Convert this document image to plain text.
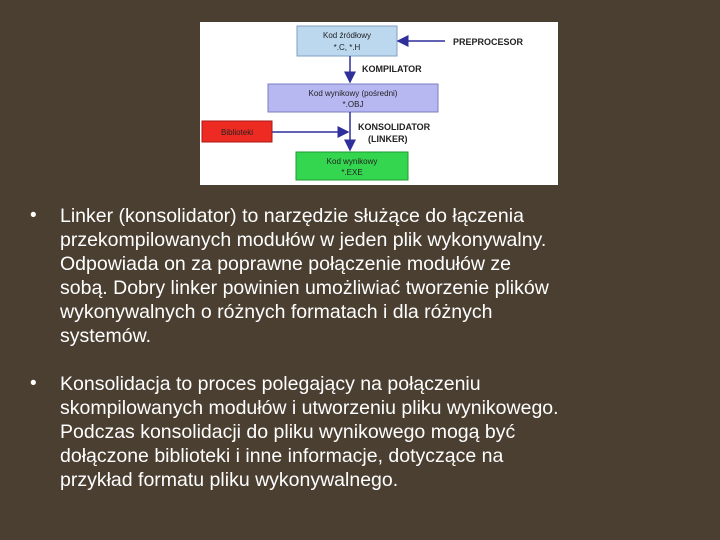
Kod źródłowy
*.C, *.H
PREPROCESOR
KOMPILATOR
Kod wynikowy (pośredni)
*.OBJ
Biblioteki
KONSOLIDATOR
(LINKER)
Kod wynikowy
*.EXE
• Linker (konsolidator) to narzędzie służące do łączenia
przekompilowanych modułów w jeden plik wykonywalny.
Odpowiada on za poprawne połączenie modułów ze
sobą. Dobry linker powinien umożliwiać tworzenie plików
wykonywalnych o różnych formatach i dla różnych
systemów.
• Konsolidacja to proces polegający na połączeniu
skompilowanych modułów i utworzeniu pliku wynikowego.
Podczas konsolidacji do pliku wynikowego mogą być
dołączone biblioteki i inne informacje, dotyczące na
przykład formatu pliku wykonywalnego.
